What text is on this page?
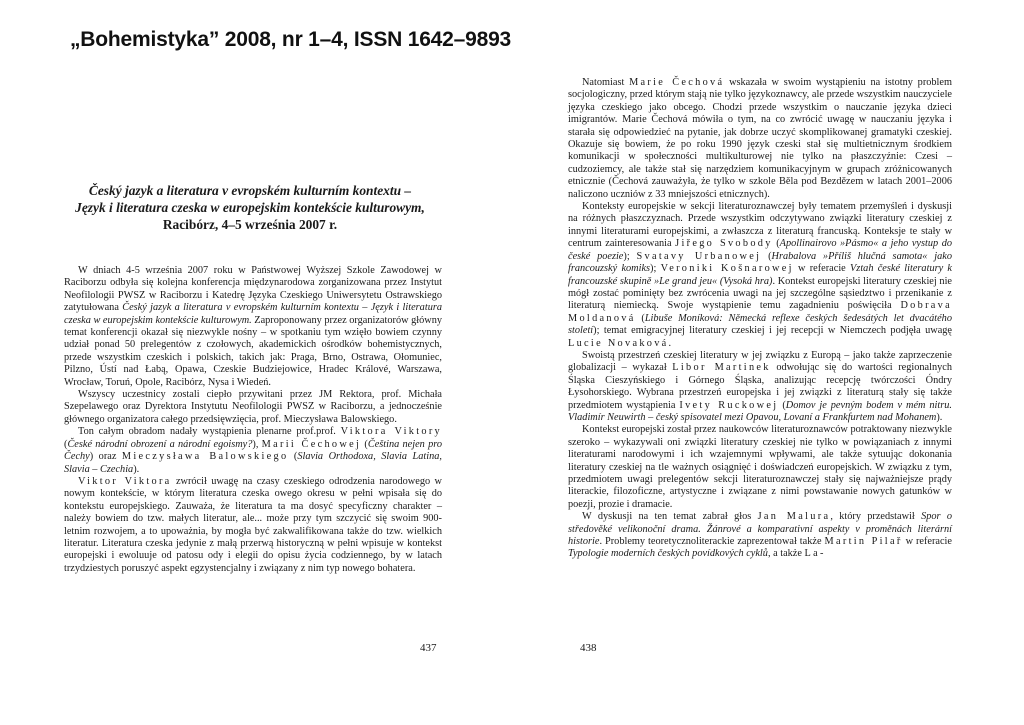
„Bohemistyka” 2008, nr 1–4, ISSN 1642–9893
Český jazyk a literatura v evropském kulturním kontextu –
Język i literatura czeska w europejskim kontekście kulturowym,
Racibórz, 4–5 września 2007 r.

W dniach 4-5 września 2007 roku w Państwowej Wyższej Szkole Zawodowej w Raciborzu odbyła się kolejna konferencja międzynarodowa zorganizowana przez Instytut Neofilologii PWSZ w Raciborzu i Katedrę Języka Czeskiego Uniwersytetu Ostrawskiego zatytułowana Český jazyk a literatura v evropském kulturním kontextu – Język i literatura czeska w europejskim kontekście kulturowym. Zaproponowany przez organizatorów główny temat konferencji okazał się niezwykle nośny – w spotkaniu tym wzięło bowiem czynny udział ponad 50 prelegentów z czołowych, akademickich ośrodków bohemistycznych, przede wszystkim czeskich i polskich, takich jak: Praga, Brno, Ostrawa, Ołomuniec, Pilzno, Ústí nad Łabą, Opawa, Czeskie Budziejowice, Hradec Králové, Warszawa, Wrocław, Toruń, Opole, Racibórz, Nysa i Wiedeń.

Wszyscy uczestnicy zostali ciepło przywitani przez JM Rektora, prof. Michała Szepelawego oraz Dyrektora Instytutu Neofilologii PWSZ w Raciborzu, a jednocześnie głównego organizatora całego przedsięwzięcia, prof. Mieczysława Balowskiego.

Ton całym obradom nadały wystąpienia plenarne prof.prof. Viktora Viktory (České národní obrození a národní egoismy?), Marii Čechowej (Čeština nejen pro Čechy) oraz Mieczysława Balowskiego (Slavia Orthodoxa, Slavia Latina, Slavia – Czechia).

Viktor Viktora zwrócił uwagę na czasy czeskiego odrodzenia narodowego w nowym kontekście, w którym literatura czeska owego okresu w pełni wpisała się do kontekstu europejskiego. Zauważa, że literatura ta ma dosyć specyficzny charakter – należy bowiem do tzw. małych literatur, ale... może przy tym szczycić się swoim 900-letnim rozwojem, a to upoważnia, by mogła być zakwalifikowana także do tzw. wielkich literatur. Literatura czeska jedynie z małą przerwą historyczną w pełni wpisuje w kontekst europejski i ewoluuje od patosu ody i elegii do opisu życia codziennego, by w latach trzydziestych poruszyć aspekt egzystencjalny i związany z nim typ nowego bohatera.

437

Natomiast Marie Čechová wskazała w swoim wystąpieniu na istotny problem socjologiczny, przed którym stają nie tylko językoznawcy, ale przede wszystkim nauczyciele języka czeskiego jako obcego. Chodzi przede wszystkim o nauczanie języka dzieci imigrantów. Marie Čechová mówiła o tym, na co zwrócić uwagę w nauczaniu języka i starała się odpowiedzieć na pytanie, jak dobrze uczyć skomplikowanej gramatyki czeskiej. Okazuje się bowiem, że po roku 1990 język czeski stał się multietnicznym środkiem komunikacji w społeczności multikulturowej nie tylko na płaszczyźnie: Czesi – cudzoziemcy, ale także stał się narzędziem komunikacyjnym w grupach zróżnicowanych etnicznie (Čechová zauważyła, że tylko w szkole Běla pod Bezdězem w latach 2001–2006 naliczono uczniów z 33 mniejszości etnicznych).

Konteksty europejskie w sekcji literaturoznawczej były tematem przemyśleń i dyskusji na różnych płaszczyznach. Przede wszystkim odczytywano związki literatury czeskiej z innymi literaturami europejskimi, a zwłaszcza z literaturą francuską. Konteksje te stały w centrum zainteresowania Jiřego Svobody (Apollinairovo »Pásmo« a jeho vystup do české poezie); Svatavy Urbanowej (Hrabalova »Příliš hlučná samota« jako francouzský komiks); Veroniki Košnarowej w referacie Vztah české literatury k francouzské skupině »Le grand jeu« (Vysoká hra). Kontekst europejski literatury czeskiej nie mógł zostać pominięty bez zwrócenia uwagi na jej szczególne sąsiedztwo i przenikanie z literaturą niemiecką. Swoje wystąpienie temu zagadnieniu poświęciła Dobrava Moldanová (Libuše Moníková: Německá reflexe českých šedesátých let dvacátého století); temat emigracyjnej literatury czeskiej i jej recepcji w Niemczech podjęła uwagę Lucie Novaková.

Swoistą przestrzeń czeskiej literatury w jej związku z Europą – jako także zaprzeczenie globalizacji – wykazał Libor Martinek odwołując się do wartości regionalnych Śląska Cieszyńskiego i Górnego Śląska, analizując recepcję twórczości Óndry Łysohorskiego. Wybrana przestrzeń europejska i jej związki z literaturą stały się także przedmiotem wystąpienia Ivety Ruckowej (Domov je pevným bodem v mém nitru. Vladimír Neuwirth – český spisovatel mezi Opavou, Lovaní a Frankfurtem nad Mohanem).

Kontekst europejski został przez naukowców literaturoznawców potraktowany niezwykle szeroko – wykazywali oni związki literatury czeskiej nie tylko w powiązaniach z innymi literaturami narodowymi i ich wzajemnymi wpływami, ale także sytuując dokonania literatury czeskiej na tle ważnych osiągnięć i doświadczeń europejskich. W związku z tym, przedmiotem uwagi prelegentów sekcji literaturoznawczej stały się najważniejsze prądy literackie, filozoficzne, artystyczne i związane z nimi powstawanie nowych gatunków w poezji, prozie i dramacie.

W dyskusji na ten temat zabrał głos Jan Malura, który przedstawił Spor o středověké velikonoční drama. Žánrové a komparativní aspekty v proměnách literární historie. Problemy teoretycznoliterackie zaprezentował także Martin Pilař w referacie Typologie moderních českých povídkových cyklů, a także La-

438
